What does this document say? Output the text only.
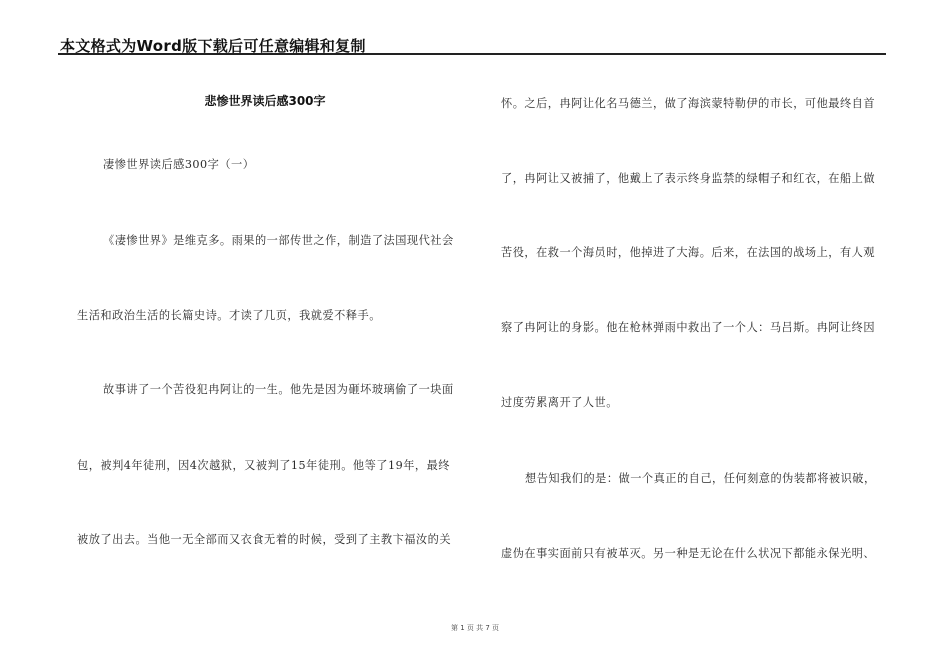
本文格式为Word版下载后可任意编辑和复制
悲惨世界读后感300字
凄惨世界读后感300字（一）
《凄惨世界》是维克多。雨果的一部传世之作，制造了法国现代社会
生活和政治生活的长篇史诗。才读了几页，我就爱不释手。
故事讲了一个苦役犯冉阿让的一生。他先是因为砸坏玻璃偷了一块面
包，被判4年徒刑，因4次越狱，又被判了15年徒刑。他等了19年，最终
被放了出去。当他一无全部而又衣食无着的时候，受到了主教卞福汝的关
怀。之后，冉阿让化名马德兰，做了海滨蒙特勒伊的市长，可他最终自首
了，冉阿让又被捕了，他戴上了表示终身监禁的绿帽子和红衣，在船上做
苦役，在救一个海员时，他掉进了大海。后来，在法国的战场上，有人观
察了冉阿让的身影。他在枪林弹雨中救出了一个人：马吕斯。冉阿让终因
过度劳累离开了人世。
想告知我们的是：做一个真正的自己，任何刻意的伪装都将被识破，
虚伪在事实面前只有被革灭。另一种是无论在什么状况下都能永保光明、
第 1 页 共 7 页
